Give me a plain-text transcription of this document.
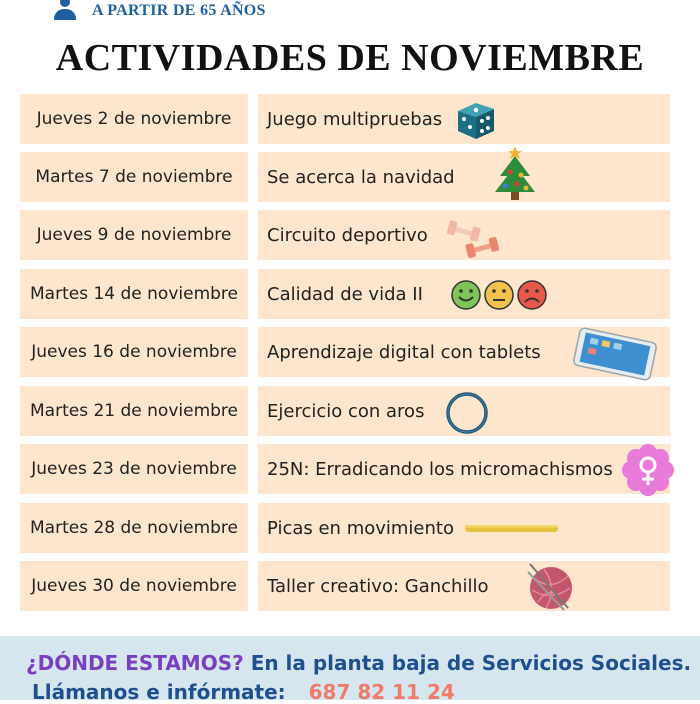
A PARTIR DE 65 AÑOS
ACTIVIDADES DE NOVIEMBRE
Jueves 2 de noviembre	Juego multipruebas
Martes 7 de noviembre	Se acerca la navidad
Jueves 9 de noviembre	Circuito deportivo
Martes 14 de noviembre	Calidad de vida II
Jueves 16 de noviembre	Aprendizaje digital con tablets
Martes 21 de noviembre	Ejercicio con aros
Jueves 23 de noviembre	25N: Erradicando los micromachismos
Martes 28 de noviembre	Picas en movimiento
Jueves 30 de noviembre	Taller creativo: Ganchillo
¿DÓNDE ESTAMOS? En la planta baja de Servicios Sociales.
Llámanos e infórmate: 687 82 11 24
